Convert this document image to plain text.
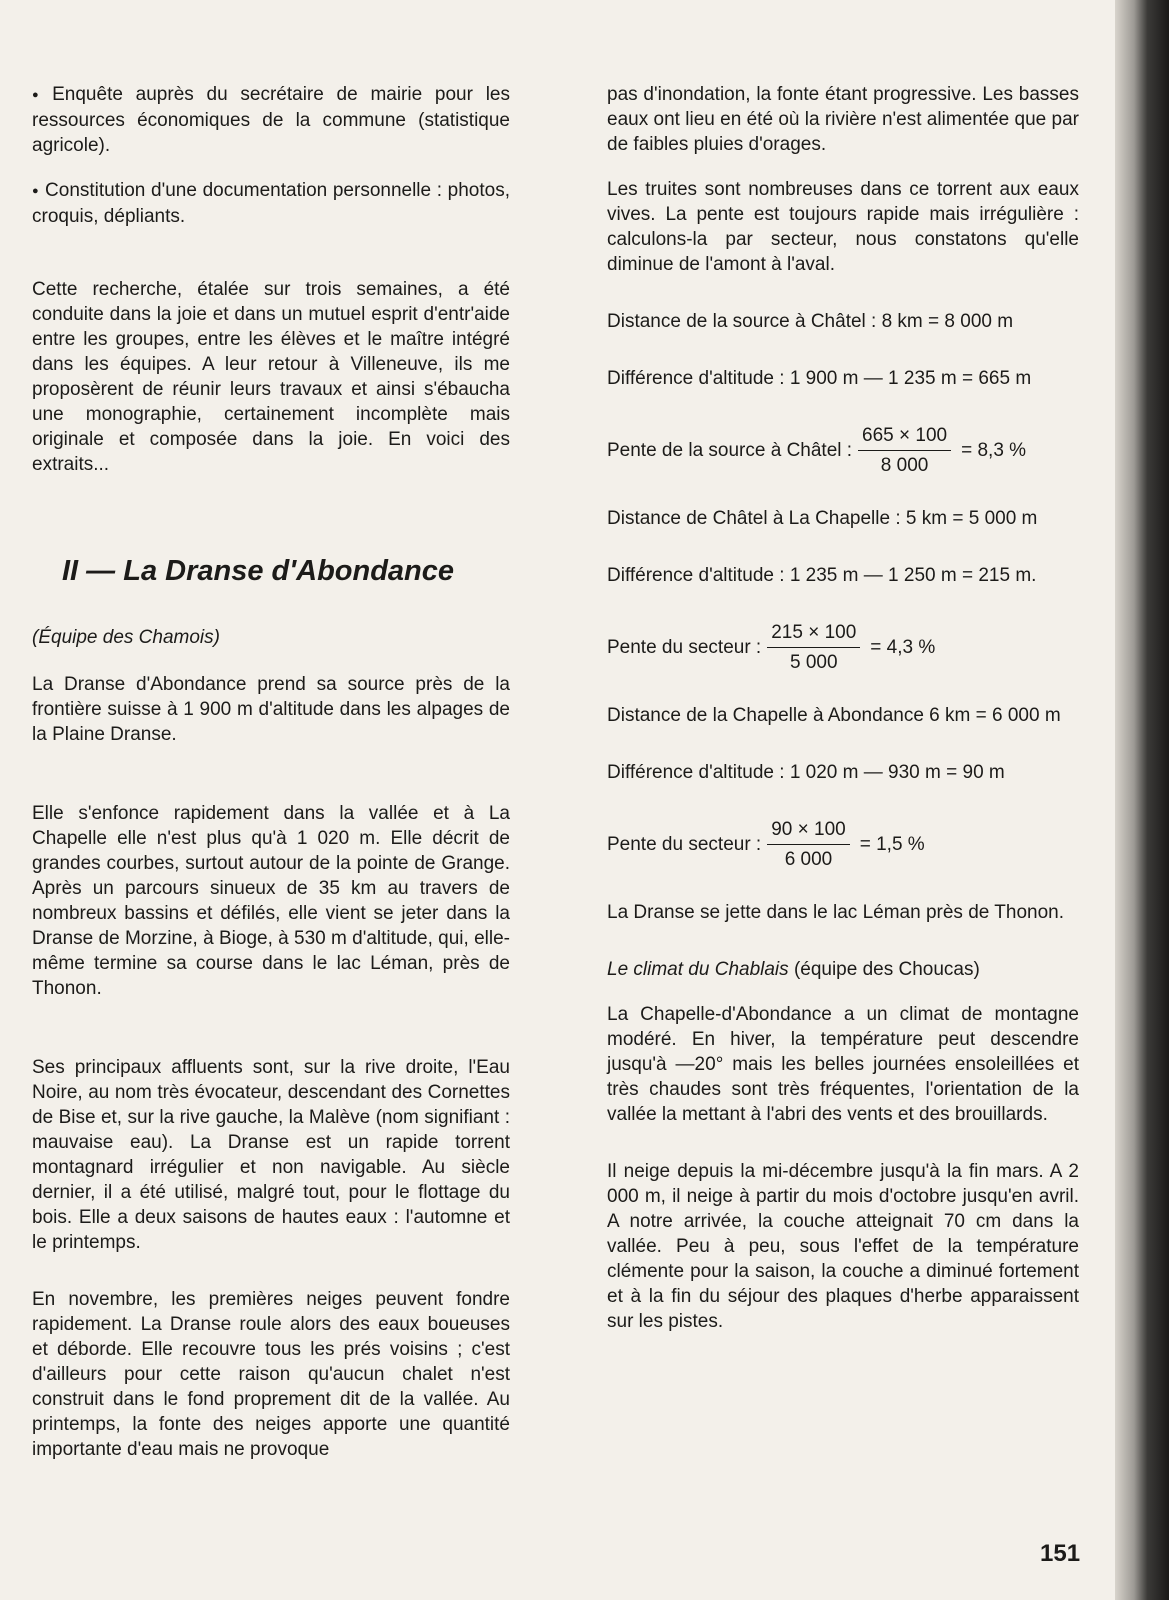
● Enquête auprès du secrétaire de mairie pour les ressources économiques de la commune (statistique agricole).

● Constitution d'une documentation personnelle : photos, croquis, dépliants.

Cette recherche, étalée sur trois semaines, a été conduite dans la joie et dans un mutuel esprit d'entr'aide entre les groupes, entre les élèves et le maître intégré dans les équipes. A leur retour à Villeneuve, ils me proposèrent de réunir leurs travaux et ainsi s'ébaucha une monographie, certainement incomplète mais originale et composée dans la joie. En voici des extraits...

II — La Dranse d'Abondance

(Équipe des Chamois)

La Dranse d'Abondance prend sa source près de la frontière suisse à 1 900 m d'altitude dans les alpages de la Plaine Dranse.

Elle s'enfonce rapidement dans la vallée et à La Chapelle elle n'est plus qu'à 1 020 m. Elle décrit de grandes courbes, surtout autour de la pointe de Grange. Après un parcours sinueux de 35 km au travers de nombreux bassins et défilés, elle vient se jeter dans la Dranse de Morzine, à Bioge, à 530 m d'altitude, qui, elle-même termine sa course dans le lac Léman, près de Thonon.

Ses principaux affluents sont, sur la rive droite, l'Eau Noire, au nom très évocateur, descendant des Cornettes de Bise et, sur la rive gauche, la Malève (nom signifiant : mauvaise eau). La Dranse est un rapide torrent montagnard irrégulier et non navigable. Au siècle dernier, il a été utilisé, malgré tout, pour le flottage du bois. Elle a deux saisons de hautes eaux : l'automne et le printemps.

En novembre, les premières neiges peuvent fondre rapidement. La Dranse roule alors des eaux boueuses et déborde. Elle recouvre tous les prés voisins ; c'est d'ailleurs pour cette raison qu'aucun chalet n'est construit dans le fond proprement dit de la vallée. Au printemps, la fonte des neiges apporte une quantité importante d'eau mais ne provoque

pas d'inondation, la fonte étant progressive. Les basses eaux ont lieu en été où la rivière n'est alimentée que par de faibles pluies d'orages.

Les truites sont nombreuses dans ce torrent aux eaux vives. La pente est toujours rapide mais irrégulière : calculons-la par secteur, nous constatons qu'elle diminue de l'amont à l'aval.

Distance de la source à Châtel : 8 km = 8 000 m

Différence d'altitude : 1 900 m — 1 235 m = 665 m

Pente de la source à Châtel : $\frac{665 \times 100}{8 000} = 8,3$ %

Distance de Châtel à La Chapelle : 5 km = 5 000 m

Différence d'altitude : 1 235 m — 1 250 m = 215 m.

Pente du secteur : $\frac{215 \times 100}{5 000} = 4,3$ %

Distance de la Chapelle à Abondance 6 km = 6 000 m

Différence d'altitude : 1 020 m — 930 m = 90 m

Pente du secteur : $\frac{90 \times 100}{6 000} = 1,5$ %

La Dranse se jette dans le lac Léman près de Thonon.

Le climat du Chablais (équipe des Choucas)

La Chapelle-d'Abondance a un climat de montagne modéré. En hiver, la température peut descendre jusqu'à —20° mais les belles journées ensoleillées et très chaudes sont très fréquentes, l'orientation de la vallée la mettant à l'abri des vents et des brouillards.

Il neige depuis la mi-décembre jusqu'à la fin mars. A 2 000 m, il neige à partir du mois d'octobre jusqu'en avril. A notre arrivée, la couche atteignait 70 cm dans la vallée. Peu à peu, sous l'effet de la température clémente pour la saison, la couche a diminué fortement et à la fin du séjour des plaques d'herbe apparaissent sur les pistes.

151
